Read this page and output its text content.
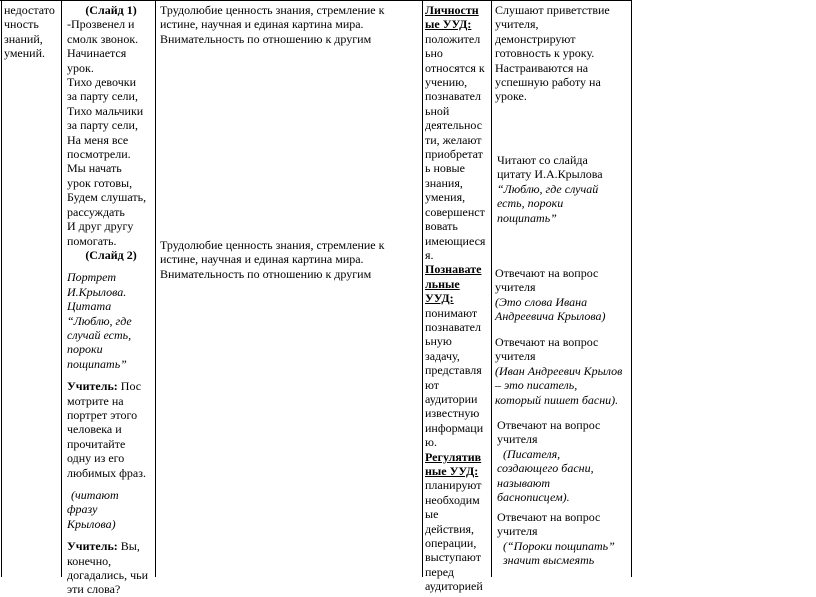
недостато

чность

знаний,

умений.

(Слайд 1)

-Прозвенел и

смолк звонок.

Начинается

урок.

Тихо девочки

за парту сели,

Тихо мальчики

за парту сели,

На меня все

посмотрели.

Мы начать

урок готовы,

Будем слушать,

рассуждать

И друг другу

помогать.

(Слайд 2)

Портрет

И.Крылова.

Цитата

“Люблю, где

случай есть,

пороки

пощипать”

Учитель: Пос

мотрите на

портрет этого

человека и

прочитайте

одну из его

любимых фраз.

(читают

фразу

Крылова)

Учитель: Вы,

конечно,

догадались, чьи

эти слова?

Трудолюбие ценность знания, стремление к

истине, научная и единая картина мира.

Внимательность по отношению к другим

Трудолюбие ценность знания, стремление к

истине, научная и единая картина мира.

Внимательность по отношению к другим

Личностн

ые УУД:

положител

ьно

относятся к

учению,

познавател

ьной

деятельнос

ти, желают

приобретат

ь новые

знания,

умения,

совершенст

вовать

имеющиеся

я.

Познавате

льные

УУД:

понимают

познавател

ьную

задачу,

представля

ют

аудитории

известную

информаци

ю.

Регулятив

ные УУД:

планируют

необходим

ые

действия,

операции,

выступают

перед

аудиторией

Слушают приветствие

учителя,

демонстрируют

готовность к уроку.

Настраиваются на

успешную работу на

уроке.

Читают со слайда

цитату И.А.Крылова

“Люблю, где случай

есть, пороки

пощипать”

Отвечают на вопрос

учителя

(Это слова Ивана

Андреевича Крылова)

Отвечают на вопрос

учителя

(Иван Андреевич Крылов

– это писатель,

который пишет басни).

Отвечают на вопрос

учителя

(Писателя,

создающего басни,

называют

баснописцем).

Отвечают на вопрос

учителя

(“Пороки пощипать”

значит высмеять
